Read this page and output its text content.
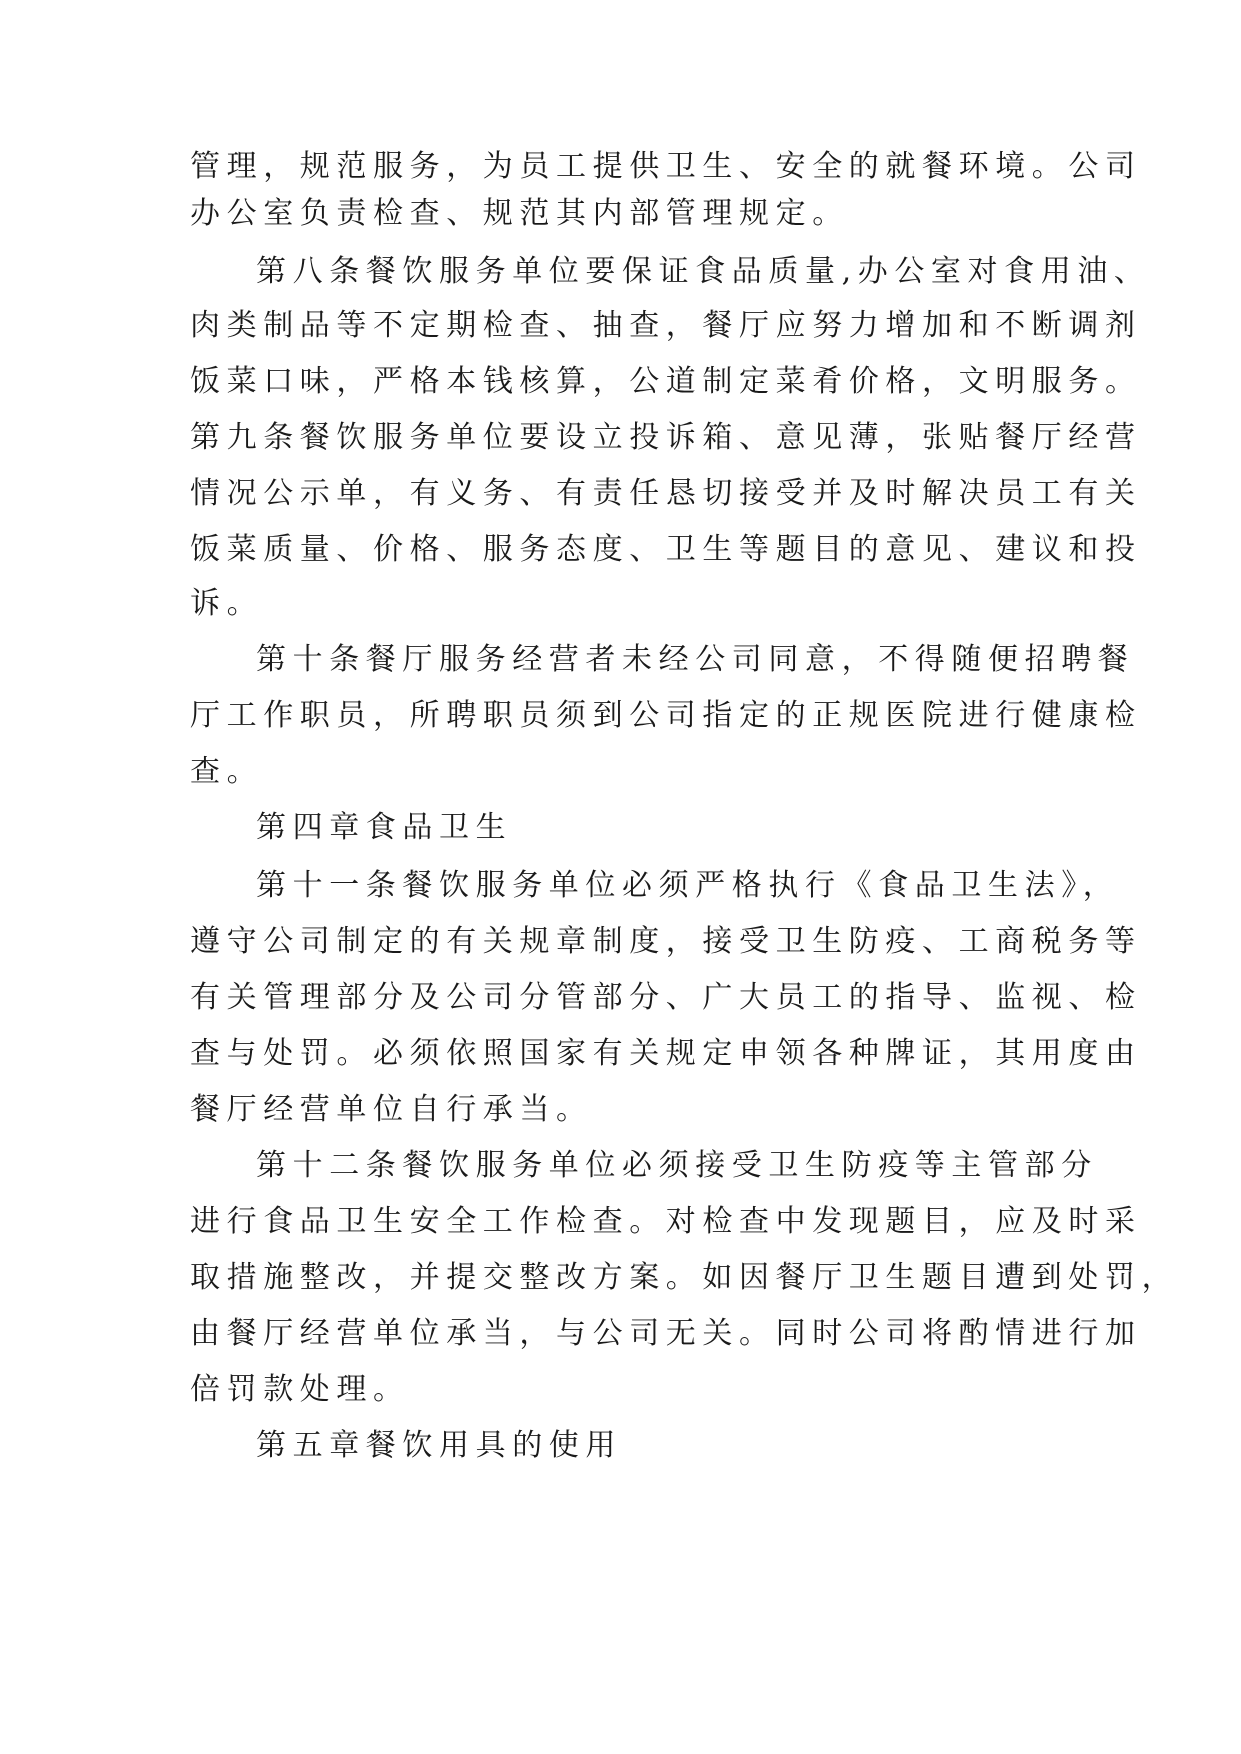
管理，规范服务，为员工提供卫生、安全的就餐环境。公司
办公室负责检查、规范其内部管理规定。
第八条餐饮服务单位要保证食品质量,办公室对食用油、
肉类制品等不定期检查、抽查，餐厅应努力增加和不断调剂
饭菜口味，严格本钱核算，公道制定菜肴价格，文明服务。
第九条餐饮服务单位要设立投诉箱、意见薄，张贴餐厅经营
情况公示单，有义务、有责任恳切接受并及时解决员工有关
饭菜质量、价格、服务态度、卫生等题目的意见、建议和投
诉。
第十条餐厅服务经营者未经公司同意，不得随便招聘餐
厅工作职员，所聘职员须到公司指定的正规医院进行健康检
查。
第四章食品卫生
第十一条餐饮服务单位必须严格执行《食品卫生法》，
遵守公司制定的有关规章制度，接受卫生防疫、工商税务等
有关管理部分及公司分管部分、广大员工的指导、监视、检
查与处罚。必须依照国家有关规定申领各种牌证，其用度由
餐厅经营单位自行承当。
第十二条餐饮服务单位必须接受卫生防疫等主管部分
进行食品卫生安全工作检查。对检查中发现题目，应及时采
取措施整改，并提交整改方案。如因餐厅卫生题目遭到处罚，
由餐厅经营单位承当，与公司无关。同时公司将酌情进行加
倍罚款处理。
第五章餐饮用具的使用
